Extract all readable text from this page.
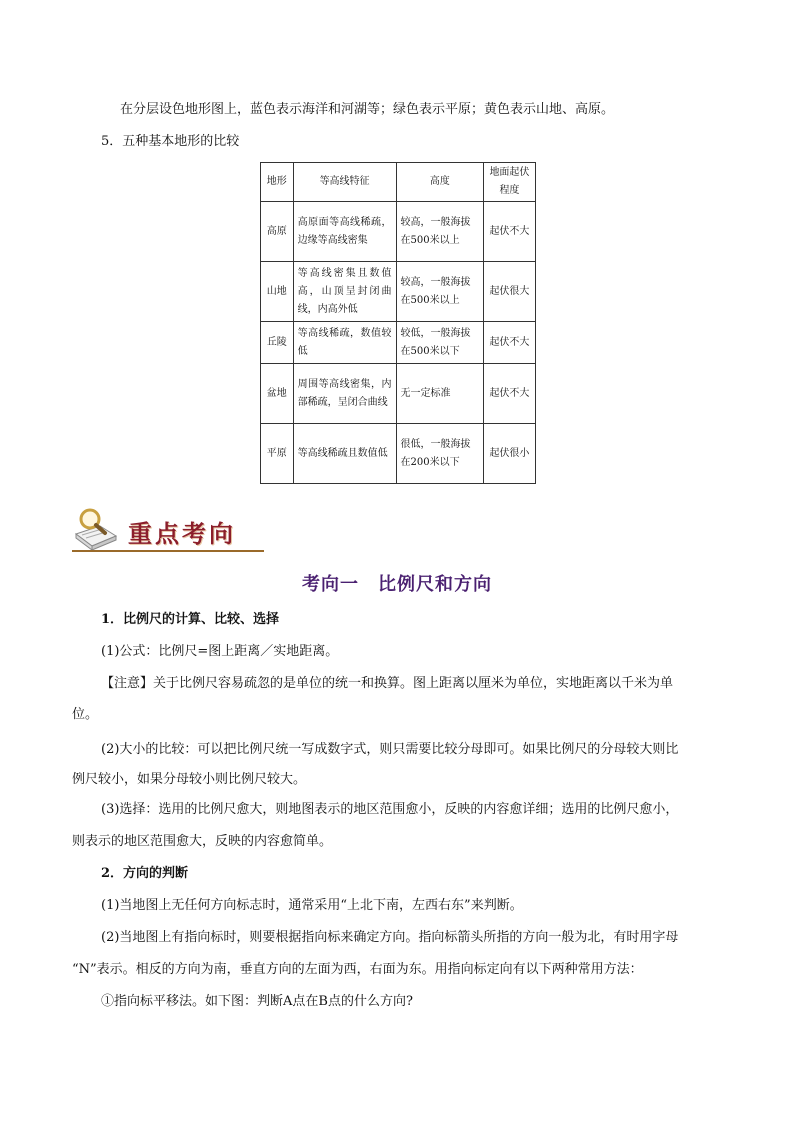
在分层设色地形图上，蓝色表示海洋和河湖等；绿色表示平原；黄色表示山地、高原。
5．五种基本地形的比较
地形	等高线特征	高度	地面起伏程度
高原	高原面等高线稀疏，边缘等高线密集	较高，一般海拔在500米以上	起伏不大
山地	等高线密集且数值高，山顶呈封闭曲线，内高外低	较高，一般海拔在500米以上	起伏很大
丘陵	等高线稀疏，数值较低	较低，一般海拔在500米以下	起伏不大
盆地	周围等高线密集，内部稀疏，呈闭合曲线	无一定标准	起伏不大
平原	等高线稀疏且数值低	很低，一般海拔在200米以下	起伏很小
重点考向
考向一　比例尺和方向
1．比例尺的计算、比较、选择
(1)公式：比例尺=图上距离／实地距离。
【注意】关于比例尺容易疏忽的是单位的统一和换算。图上距离以厘米为单位，实地距离以千米为单
位。
(2)大小的比较：可以把比例尺统一写成数字式，则只需要比较分母即可。如果比例尺的分母较大则比
例尺较小，如果分母较小则比例尺较大。
(3)选择：选用的比例尺愈大，则地图表示的地区范围愈小，反映的内容愈详细；选用的比例尺愈小，
则表示的地区范围愈大，反映的内容愈简单。
2．方向的判断
(1)当地图上无任何方向标志时，通常采用“上北下南，左西右东”来判断。
(2)当地图上有指向标时，则要根据指向标来确定方向。指向标箭头所指的方向一般为北，有时用字母
“N”表示。相反的方向为南，垂直方向的左面为西，右面为东。用指向标定向有以下两种常用方法：
①指向标平移法。如下图：判断A点在B点的什么方向?
